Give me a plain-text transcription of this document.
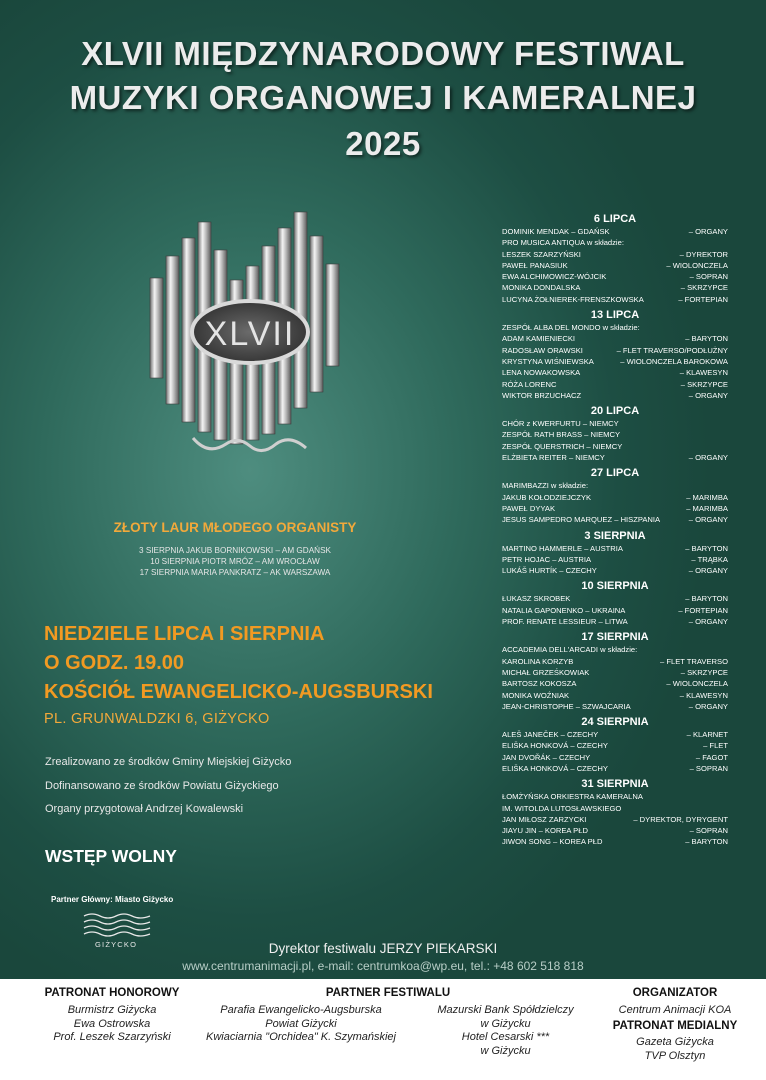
XLVII MIĘDZYNARODOWY FESTIWAL
MUZYKI ORGANOWEJ I KAMERALNEJ
2025
XLVII
ZŁOTY LAUR MŁODEGO ORGANISTY
3 SIERPNIA JAKUB BORNIKOWSKI – AM GDAŃSK
10 SIERPNIA PIOTR MRÓZ – AM WROCŁAW
17 SIERPNIA MARIA PANKRATZ – AK WARSZAWA
NIEDZIELE LIPCA I SIERPNIA
O GODZ. 19.00
KOŚCIÓŁ EWANGELICKO-AUGSBURSKI
PL. GRUNWALDZKI 6, GIŻYCKO
Zrealizowano ze środków Gminy Miejskiej Giżycko
Dofinansowano ze środków Powiatu Giżyckiego
Organy przygotował Andrzej Kowalewski
WSTĘP WOLNY
Partner Główny: Miasto Giżycko
GIŻYCKO
6 LIPCA
DOMINIK MENDAK – GDAŃSK	– ORGANY
PRO MUSICA ANTIQUA w składzie:
LESZEK SZARZYŃSKI	– DYREKTOR
PAWEŁ PANASIUK	– WIOLONCZELA
EWA ALCHIMOWICZ-WÓJCIK	– SOPRAN
MONIKA DONDALSKA	– SKRZYPCE
LUCYNA ŻOŁNIEREK-FRENSZKOWSKA	– FORTEPIAN
13 LIPCA
ZESPÓŁ ALBA DEL MONDO w składzie:
ADAM KAMIENIECKI	– BARYTON
RADOSŁAW ORAWSKI	– FLET TRAVERSO/PODŁUŻNY
KRYSTYNA WIŚNIEWSKA	– WIOLONCZELA BAROKOWA
LENA NOWAKOWSKA	– KLAWESYN
RÓŻA LORENC	– SKRZYPCE
WIKTOR BRZUCHACZ	– ORGANY
20 LIPCA
CHÓR z KWERFURTU – NIEMCY
ZESPÓŁ RATH BRASS – NIEMCY
ZESPÓŁ QUERSTRICH – NIEMCY
ELŻBIETA REITER – NIEMCY	– ORGANY
27 LIPCA
MARIMBAZZI w składzie:
JAKUB KOŁODZIEJCZYK	– MARIMBA
PAWEŁ DYYAK	– MARIMBA
JESUS SAMPEDRO MARQUEZ – HISZPANIA	– ORGANY
3 SIERPNIA
MARTINO HAMMERLE – AUSTRIA	– BARYTON
PETR HOJAC – AUSTRIA	– TRĄBKA
LUKÁŠ HURTÍK – CZECHY	– ORGANY
10 SIERPNIA
ŁUKASZ SKROBEK	– BARYTON
NATALIA GAPONENKO – UKRAINA	– FORTEPIAN
PROF. RENATE LESSIEUR – LITWA	– ORGANY
17 SIERPNIA
ACCADEMIA DELL'ARCADI w składzie:
KAROLINA KORZYB	– FLET TRAVERSO
MICHAŁ GRZEŚKOWIAK	– SKRZYPCE
BARTOSZ KOKOSZA	– WIOLONCZELA
MONIKA WOŹNIAK	– KLAWESYN
JEAN-CHRISTOPHE – SZWAJCARIA	– ORGANY
24 SIERPNIA
ALEŠ JANEČEK – CZECHY	– KLARNET
ELIŠKA HONKOVÁ – CZECHY	– FLET
JAN DVOŘÁK – CZECHY	– FAGOT
ELIŠKA HONKOVÁ – CZECHY	– SOPRAN
31 SIERPNIA
ŁOMŻYŃSKA ORKIESTRA KAMERALNA
IM. WITOLDA LUTOSŁAWSKIEGO
JAN MIŁOSZ ZARZYCKI	– DYREKTOR, DYRYGENT
JIAYU JIN – KOREA PŁD	– SOPRAN
JIWON SONG – KOREA PŁD	– BARYTON
Dyrektor festiwalu JERZY PIEKARSKI
www.centrumanimacji.pl, e-mail: centrumkoa@wp.eu, tel.: +48 602 518 818
PATRONAT HONOROWY
Burmistrz Giżycka
Ewa Ostrowska
Prof. Leszek Szarzyński
PARTNER FESTIWALU
Parafia Ewangelicko-Augsburska
Powiat Giżycki
Kwiaciarnia "Orchidea" K. Szymańskiej
Mazurski Bank Spółdzielczy
w Giżycku
Hotel Cesarski ***
w Giżycku
ORGANIZATOR
Centrum Animacji KOA
PATRONAT MEDIALNY
Gazeta Giżycka
TVP Olsztyn
